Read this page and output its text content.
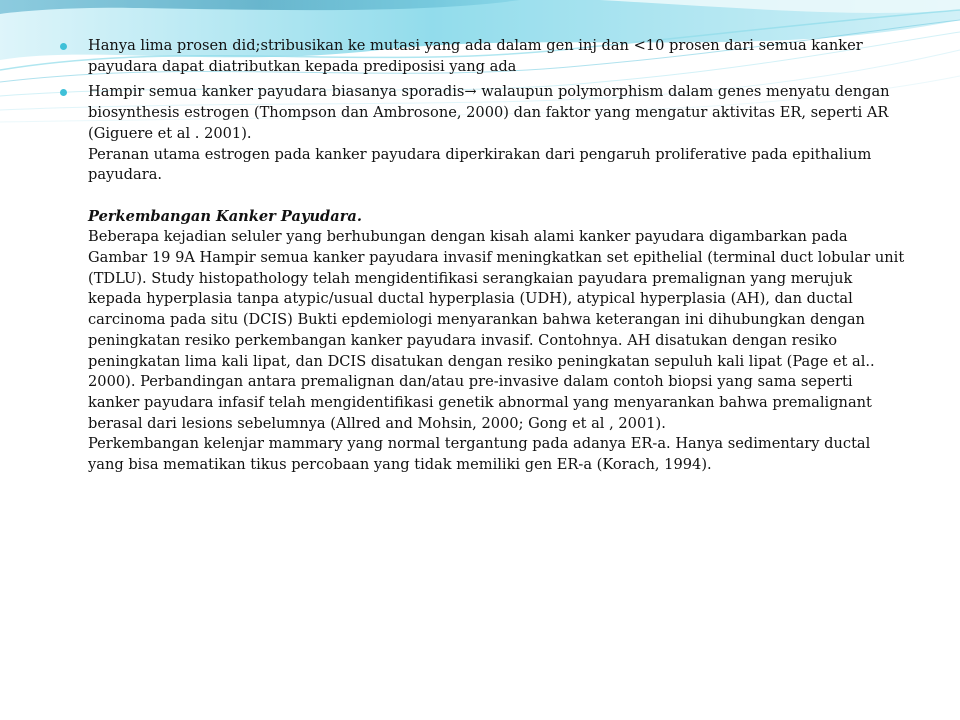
Hanya lima prosen did;stribusikan ke mutasi yang ada dalam gen inj dan <10 prosen dari semua kanker
payudara dapat diatributkan kepada prediposisi yang ada
Hampir semua kanker payudara biasanya sporadis→ walaupun polymorphism dalam genes menyatu dengan
biosynthesis estrogen (Thompson dan Ambrosone, 2000) dan faktor yang mengatur aktivitas ER, seperti AR
(Giguere et al . 2001).
Peranan utama estrogen pada kanker payudara diperkirakan dari pengaruh proliferative pada epithalium
payudara.
Perkembangan Kanker Payudara.
Beberapa kejadian seluler yang berhubungan dengan kisah alami kanker payudara digambarkan pada
Gambar 19 9A Hampir semua kanker payudara invasif meningkatkan set epithelial (terminal duct lobular unit
(TDLU). Study histopathology telah mengidentifikasi serangkaian payudara premalignan yang merujuk
kepada hyperplasia tanpa atypic/usual ductal hyperplasia (UDH), atypical hyperplasia (AH), dan ductal
carcinoma pada situ (DCIS) Bukti epdemiologi menyarankan bahwa keterangan ini dihubungkan dengan
peningkatan resiko perkembangan kanker payudara invasif. Contohnya. AH disatukan dengan resiko
peningkatan lima kali lipat, dan DCIS disatukan dengan resiko peningkatan sepuluh kali lipat (Page et al..
2000). Perbandingan antara premalignan dan/atau pre-invasive dalam contoh biopsi yang sama seperti
kanker payudara infasif telah mengidentifikasi genetik abnormal yang menyarankan bahwa premalignant
berasal dari lesions sebelumnya (Allred and Mohsin, 2000; Gong et al , 2001).
Perkembangan kelenjar mammary yang normal tergantung pada adanya ER-a. Hanya sedimentary ductal
yang bisa mematikan tikus percobaan yang tidak memiliki gen ER-a (Korach, 1994).
